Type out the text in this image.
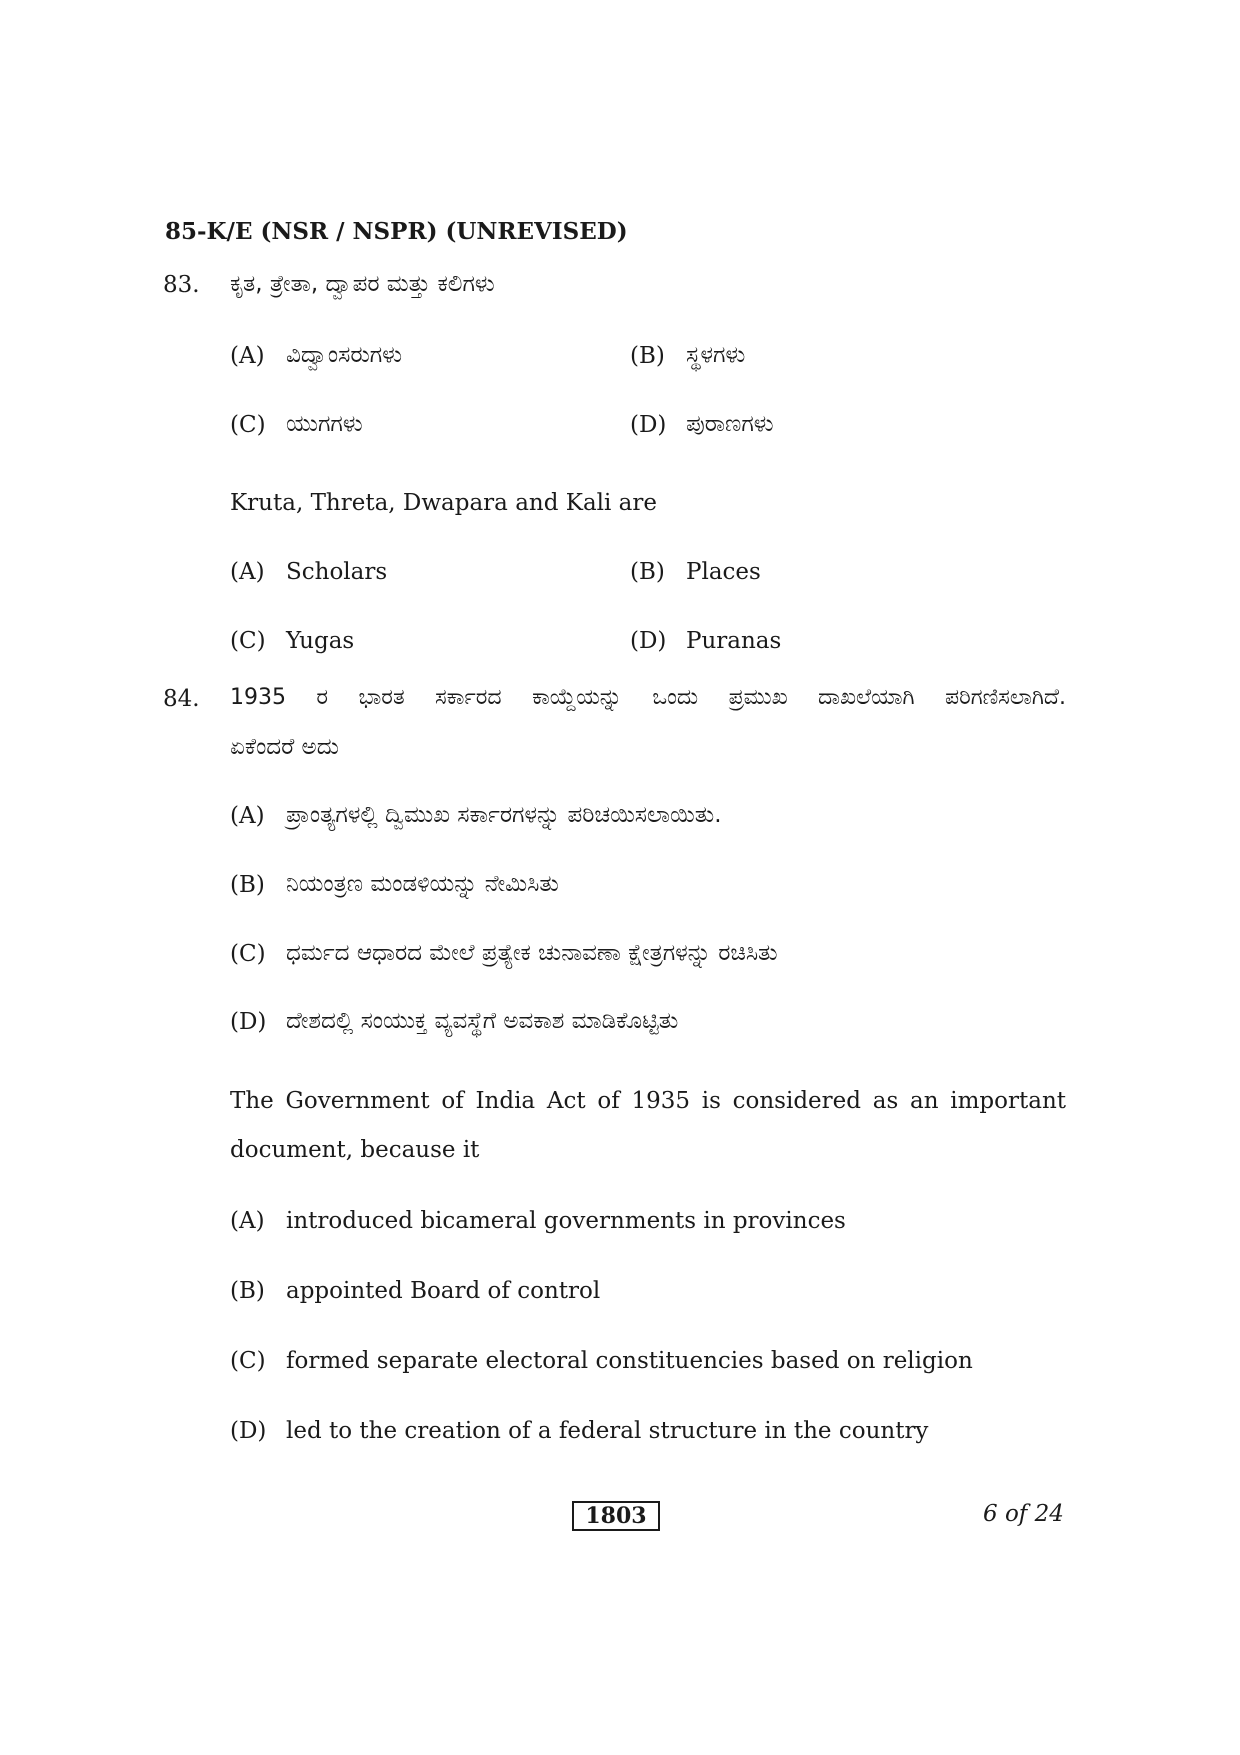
85-K/E (NSR / NSPR) (UNREVISED)
83. ಕೃತ, ತ್ರೇತಾ, ದ್ವಾಪರ ಮತ್ತು ಕಲಿಗಳು
(A) ವಿದ್ವಾಂಸರುಗಳು	(B) ಸ್ಥಳಗಳು
(C) ಯುಗಗಳು	(D) ಪುರಾಣಗಳು
Kruta, Threta, Dwapara and Kali are
(A) Scholars	(B) Places
(C) Yugas	(D) Puranas
84. 1935 ರ ಭಾರತ ಸರ್ಕಾರದ ಕಾಯ್ದೆಯನ್ನು ಒಂದು ಪ್ರಮುಖ ದಾಖಲೆಯಾಗಿ ಪರಿಗಣಿಸಲಾಗಿದೆ.
ಏಕೆಂದರೆ ಅದು
(A) ಪ್ರಾಂತ್ಯಗಳಲ್ಲಿ ದ್ವಿಮುಖ ಸರ್ಕಾರಗಳನ್ನು ಪರಿಚಯಿಸಲಾಯಿತು.
(B) ನಿಯಂತ್ರಣ ಮಂಡಳಿಯನ್ನು ನೇಮಿಸಿತು
(C) ಧರ್ಮದ ಆಧಾರದ ಮೇಲೆ ಪ್ರತ್ಯೇಕ ಚುನಾವಣಾ ಕ್ಷೇತ್ರಗಳನ್ನು ರಚಿಸಿತು
(D) ದೇಶದಲ್ಲಿ ಸಂಯುಕ್ತ ವ್ಯವಸ್ಥೆಗೆ ಅವಕಾಶ ಮಾಡಿಕೊಟ್ಟಿತು
The Government of India Act of 1935 is considered as an important
document, because it
(A) introduced bicameral governments in provinces
(B) appointed Board of control
(C) formed separate electoral constituencies based on religion
(D) led to the creation of a federal structure in the country
1803	6 of 24
